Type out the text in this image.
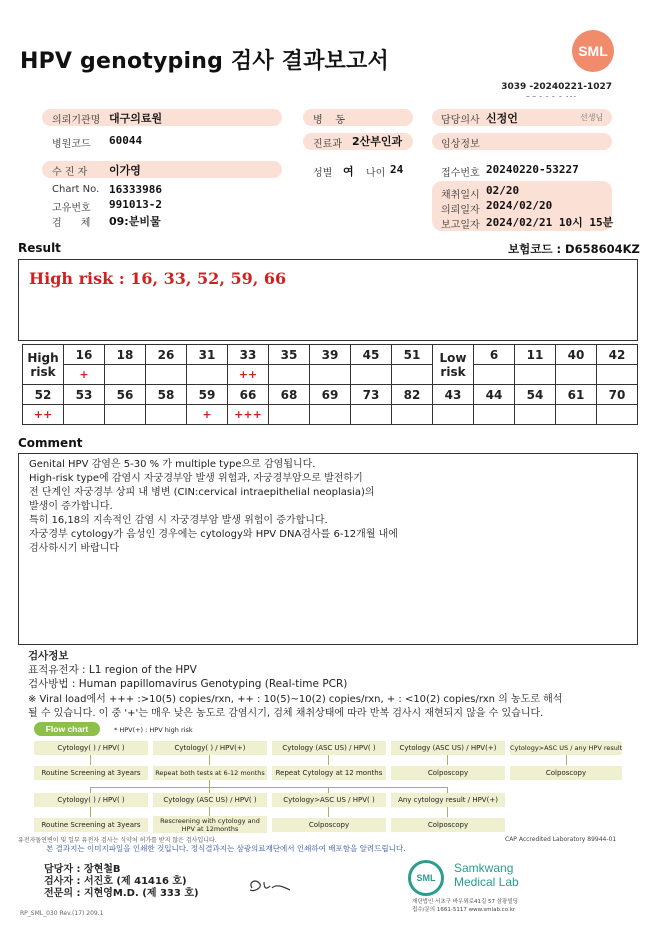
HPV genotyping 검사 결과보고서	SML
3039 -20240221-1027
의뢰기관명 대구의료원
병원코드 60044
수 진 자 이가영
Chart No. 16333986
고유번호 991013-2
검      체 09:분비물
병    동
진료과 2산부인과
성별 여 나이 24
담당의사 신정언	선생님
임상정보
접수번호 20240220-53227
채취일시 02/20
의뢰일자 2024/02/20
보고일자 2024/02/21 10시 15분
Result	보험코드 : D658604KZ
High risk : 16, 33, 52, 59, 66
High risk	16	18	26	31	33	35	39	45	51	Low risk	6	11	40	42
	+				++									
52	53	56	58	59	66	68	69	73	82	43	44	54	61	70
++				+	+++									
Comment
Genital HPV 감염은 5-30 % 가 multiple type으로 감염됩니다.
High-risk type에 감염시 자궁경부암 발생 위험과, 자궁경부암으로 발전하기
전 단계인 자궁경부 상피 내 병변 (CIN:cervical intraepithelial neoplasia)의
발생이 증가합니다.
특히 16,18의 지속적인 감염 시 자궁경부암 발생 위험이 증가합니다.
자궁경부 cytology가 음성인 경우에는 cytology와 HPV DNA검사를 6-12개월 내에
검사하시기 바랍니다
검사정보
표적유전자 : L1 region of the HPV
검사방법 : Human papillomavirus Genotyping (Real-time PCR)
※ Viral load에서 +++ :>10(5) copies/rxn, ++ : 10(5)~10(2) copies/rxn, + : <10(2) copies/rxn 의 농도로 해석
될 수 있습니다. 이 중 '+'는 매우 낮은 농도로 감염시기, 검체 채취상태에 따라 반복 검사시 재현되지 않을 수 있습니다.
Flow chart	* HPV(+) : HPV high risk
Cytology( ) / HPV( )	Cytology( ) / HPV(+)	Cytology (ASC US) / HPV( )	Cytology (ASC US) / HPV(+)	Cytology>ASC US / any HPV result
Routine Screening at 3years	Repeat both tests at 6-12 months	Repeat Cytology at 12 months	Colposcopy	Colposcopy
Cytology( ) / HPV( )	Cytology (ASC US) / HPV( )	Cytology>ASC US / HPV( )	Any cytology result / HPV(+)
Routine Screening at 3years	Rescreening with cytology and HPV at 12months	Colposcopy	Colposcopy
유전자돌연변이 및 일부 유전자 검사는 식약처 허가를 받지 않은 검사입니다.	CAP Accredited Laboratory 89944-01
본 결과지는 이미지파일을 인쇄한 것입니다. 정식결과지는 삼광의료재단에서 인쇄하여 배포함을 알려드립니다.
담당자 : 장현철B
검사자 : 서진호 (제 41416 호)
전문의 : 지현영M.D. (제 333 호)
SML
Samkwang
Medical Lab
재단법인 서초구 바우뫼로41길 57 삼광빌딩
접수/문의 1661-5117 www.smlab.co.kr
RP_SML_030 Rev.(17) 209.1
